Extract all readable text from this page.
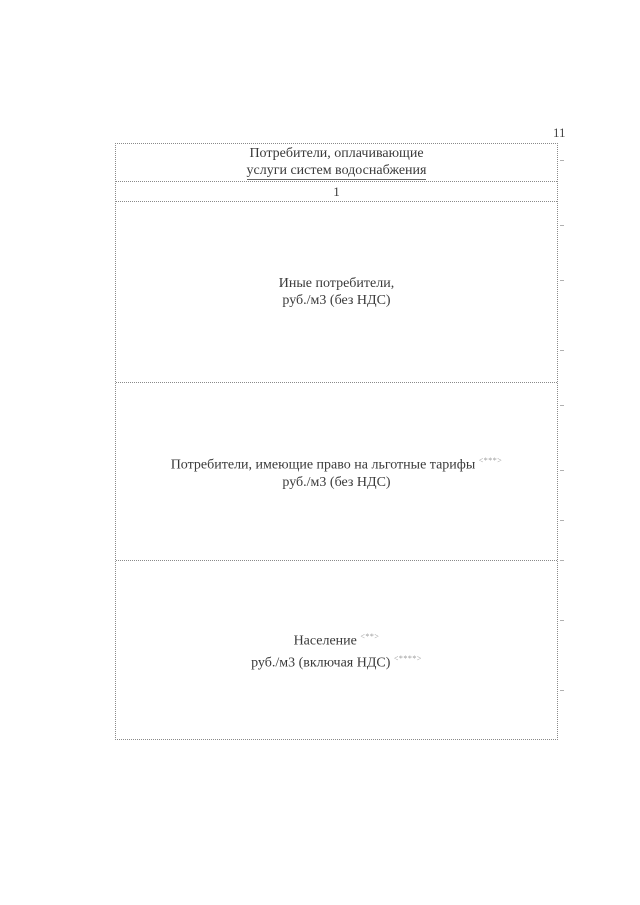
11
Потребители, оплачивающие
услуги систем водоснабжения
1
Иные потребители,
руб./м3 (без НДС)
Потребители, имеющие право на льготные тарифы <***>
руб./м3 (без НДС)
Население <**>
руб./м3 (включая НДС) <****>
